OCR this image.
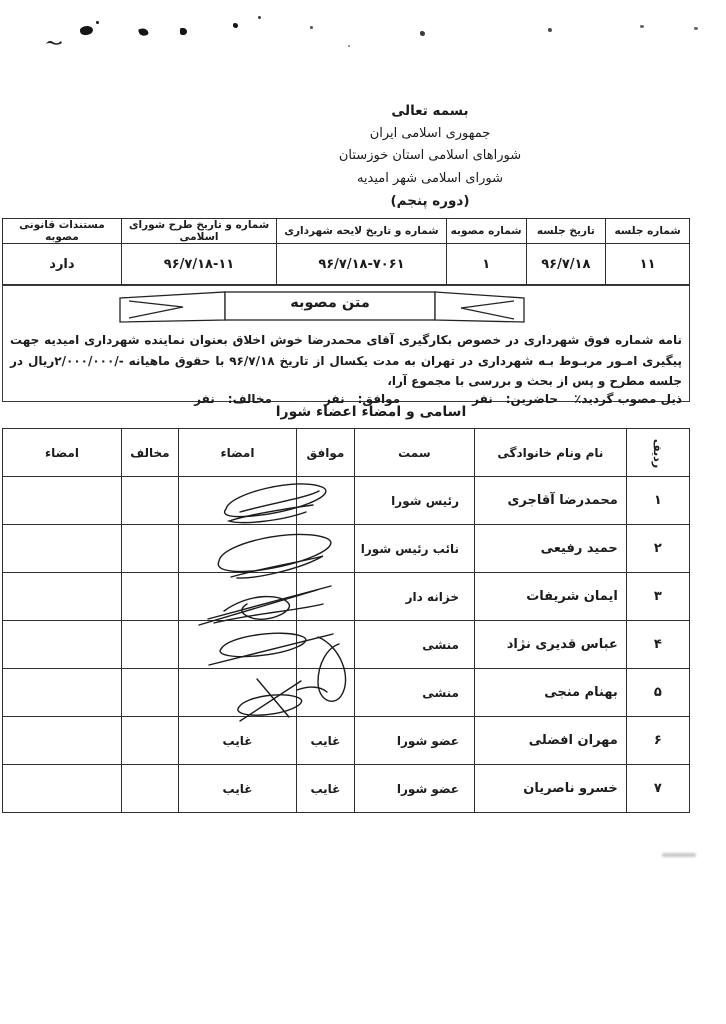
بسمه تعالی
جمهوری اسلامی ایران
شوراهای اسلامی استان خوزستان
شورای اسلامی شهر امیدیه
(دوره پنجم)
شماره جلسه	تاریخ جلسه	شماره مصوبه	شماره و تاریخ لایحه شهرداری	شماره و تاریخ طرح شورای اسلامی	مستندات قانونی مصوبه
۱۱	۹۶/۷/۱۸	۱	۹۶/۷/۱۸-۷۰۶۱	۹۶/۷/۱۸-۱۱	دارد
متن مصوبه

نامه شماره فوق شهرداری در خصوص بکارگیری آقای محمدرضا خوش اخلاق بعنوان نماینده شهرداری امیدیه جهت پیگیری امـور مربـوط بـه شهرداری در تهران به مدت یکسال از تاریخ ۹۶/۷/۱۸ با حقوق ماهیانه -/۲/۰۰۰/۰۰۰ریال در جلسه مطرح و پس از بحث و بررسی با مجموع آرا،

ذیل مصوب گردید٪
حاضرین:
نفر
موافق:
نفر
مخالف:
نفر
اسامی و امضاء اعضاء شورا
ردیف	نام ونام خانوادگی	سمت	موافق	امضاء	مخالف	امضاء
۱	محمدرضا آقاجری	رئیس شورا				
۲	حمید رفیعی	نائب رئیس شورا				
۳	ایمان شریفات	خزانه دار				
۴	عباس قدیری نژاد	منشی				
۵	بهنام منجی	منشی				
۶	مهران افضلی	عضو شورا	غایب	غایب		
۷	خسرو ناصریان	عضو شورا	غایب	غایب		
